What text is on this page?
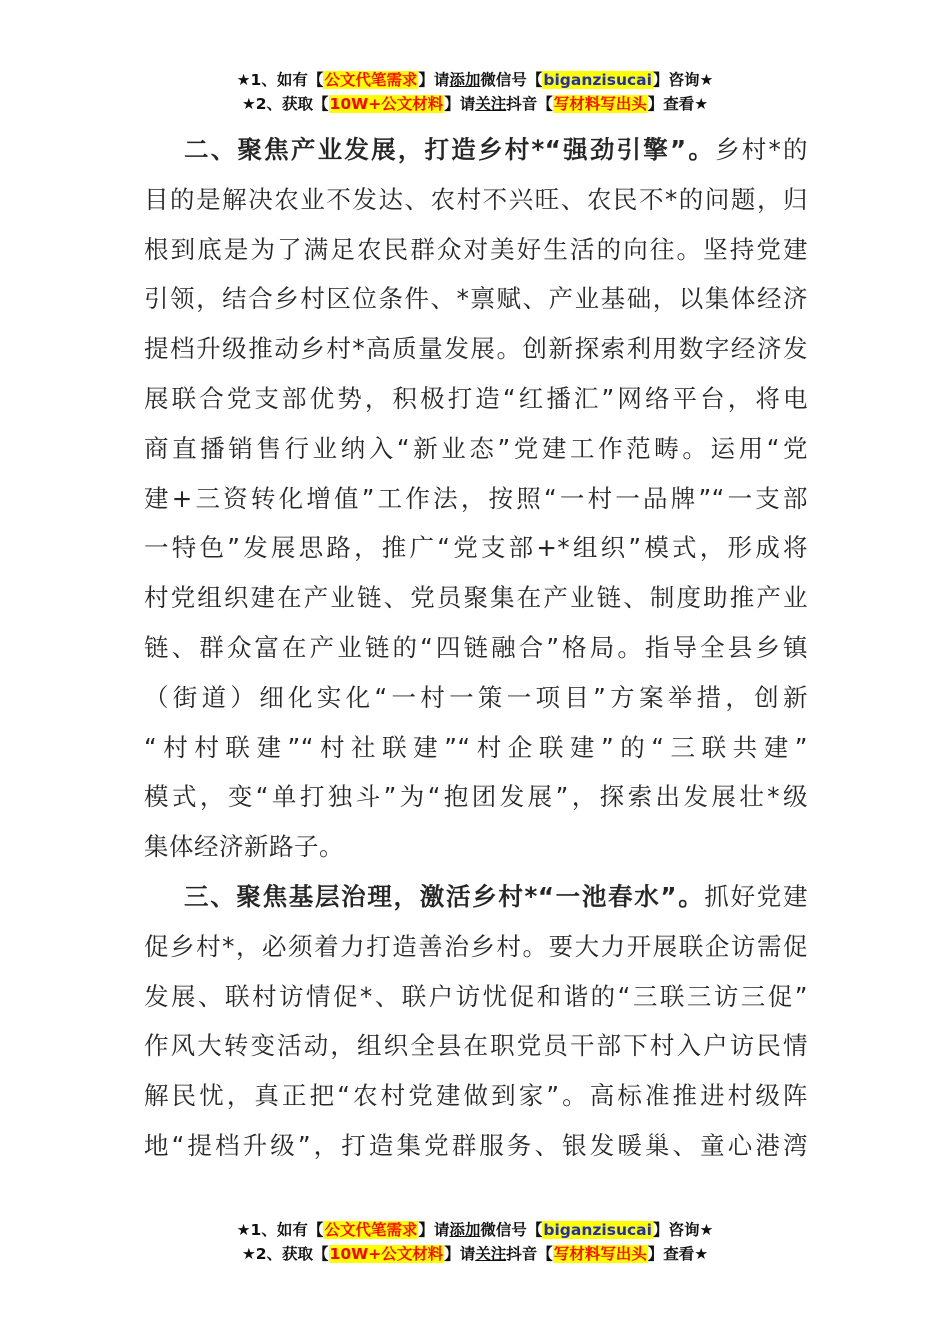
★1、如有【公文代笔需求】请添加微信号【biganzisucai】咨询★
★2、获取【10W+公文材料】请关注抖音【写材料写出头】查看★
二、聚焦产业发展，打造乡村*“强劲引擎”。乡村*的
目的是解决农业不发达、农村不兴旺、农民不*的问题，归
根到底是为了满足农民群众对美好生活的向往。坚持党建
引领，结合乡村区位条件、*禀赋、产业基础，以集体经济
提档升级推动乡村*高质量发展。创新探索利用数字经济发
展联合党支部优势，积极打造“红播汇”网络平台，将电
商直播销售行业纳入“新业态”党建工作范畴。运用“党
建+三资转化增值”工作法，按照“一村一品牌”“一支部
一特色”发展思路，推广“党支部+*组织”模式，形成将
村党组织建在产业链、党员聚集在产业链、制度助推产业
链、群众富在产业链的“四链融合”格局。指导全县乡镇
（街道）细化实化“一村一策一项目”方案举措，创新
“村村联建”“村社联建”“村企联建”的“三联共建”
模式，变“单打独斗”为“抱团发展”，探索出发展壮*级
集体经济新路子。
三、聚焦基层治理，激活乡村*“一池春水”。抓好党建
促乡村*，必须着力打造善治乡村。要大力开展联企访需促
发展、联村访情促*、联户访忧促和谐的“三联三访三促”
作风大转变活动，组织全县在职党员干部下村入户访民情
解民忧，真正把“农村党建做到家”。高标准推进村级阵
地“提档升级”，打造集党群服务、银发暖巢、童心港湾
★1、如有【公文代笔需求】请添加微信号【biganzisucai】咨询★
★2、获取【10W+公文材料】请关注抖音【写材料写出头】查看★
